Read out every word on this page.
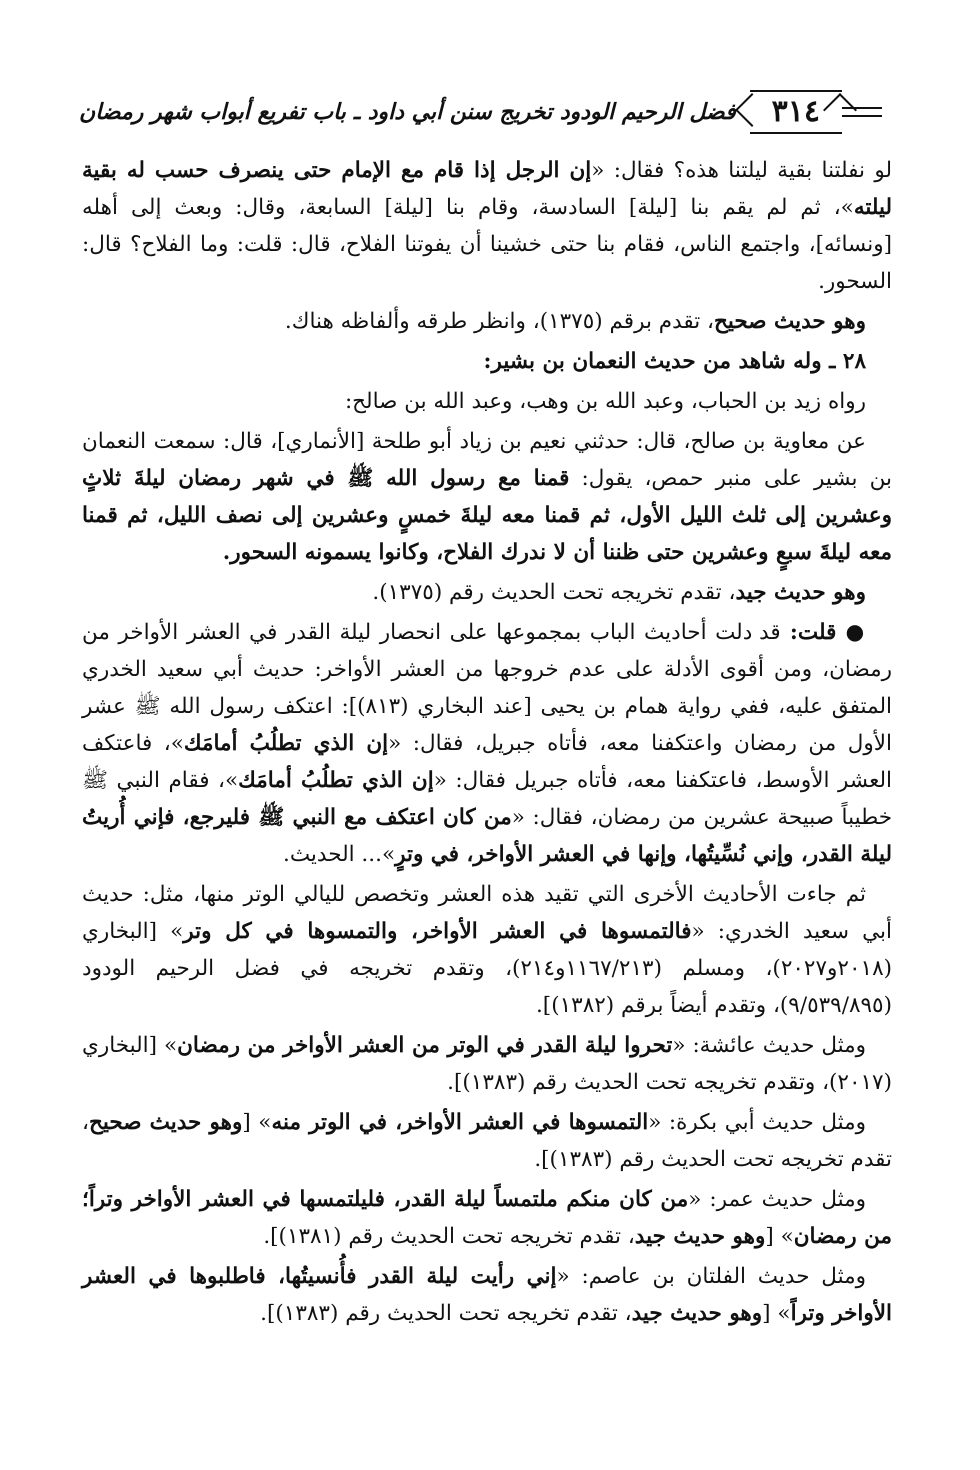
٣١٤
فضل الرحيم الودود تخريج سنن أبي داود ـ باب تفريع أبواب شهر رمضان

لو نفلتنا بقية ليلتنا هذه؟ فقال: «إن الرجل إذا قام مع الإمام حتى ينصرف حسب له بقية ليلته»، ثم لم يقم بنا [ليلة] السادسة، وقام بنا [ليلة] السابعة، وقال: وبعث إلى أهله [ونسائه]، واجتمع الناس، فقام بنا حتى خشينا أن يفوتنا الفلاح، قال: قلت: وما الفلاح؟ قال: السحور.

وهو حديث صحيح، تقدم برقم (١٣٧٥)، وانظر طرقه وألفاظه هناك.

٢٨ ـ وله شاهد من حديث النعمان بن بشير:

رواه زيد بن الحباب، وعبد الله بن وهب، وعبد الله بن صالح:

عن معاوية بن صالح، قال: حدثني نعيم بن زياد أبو طلحة [الأنماري]، قال: سمعت النعمان بن بشير على منبر حمص، يقول: قمنا مع رسول الله ﷺ في شهر رمضان ليلةَ ثلاثٍ وعشرين إلى ثلث الليل الأول، ثم قمنا معه ليلةَ خمسٍ وعشرين إلى نصف الليل، ثم قمنا معه ليلةَ سبعٍ وعشرين حتى ظننا أن لا ندرك الفلاح، وكانوا يسمونه السحور.

وهو حديث جيد، تقدم تخريجه تحت الحديث رقم (١٣٧٥).

● قلت: قد دلت أحاديث الباب بمجموعها على انحصار ليلة القدر في العشر الأواخر من رمضان، ومن أقوى الأدلة على عدم خروجها من العشر الأواخر: حديث أبي سعيد الخدري المتفق عليه، ففي رواية همام بن يحيى [عند البخاري (٨١٣)]: اعتكف رسول الله ﷺ عشر الأول من رمضان واعتكفنا معه، فأتاه جبريل، فقال: «إن الذي تطلُبُ أمامَك»، فاعتكف العشر الأوسط، فاعتكفنا معه، فأتاه جبريل فقال: «إن الذي تطلُبُ أمامَك»، فقام النبي ﷺ خطيباً صبيحة عشرين من رمضان، فقال: «من كان اعتكف مع النبي ﷺ فليرجع، فإني أُريتُ ليلة القدر، وإني نُسِّيتُها، وإنها في العشر الأواخر، في وترٍ»... الحديث.

ثم جاءت الأحاديث الأخرى التي تقيد هذه العشر وتخصص لليالي الوتر منها، مثل: حديث أبي سعيد الخدري: «فالتمسوها في العشر الأواخر، والتمسوها في كل وتر» [البخاري (٢٠١٨و٢٠٢٧)، ومسلم (١١٦٧/٢١٣و٢١٤)، وتقدم تخريجه في فضل الرحيم الودود (٩/٥٣٩/٨٩٥)، وتقدم أيضاً برقم (١٣٨٢)].

ومثل حديث عائشة: «تحروا ليلة القدر في الوتر من العشر الأواخر من رمضان» [البخاري (٢٠١٧)، وتقدم تخريجه تحت الحديث رقم (١٣٨٣)].

ومثل حديث أبي بكرة: «التمسوها في العشر الأواخر، في الوتر منه» [وهو حديث صحيح، تقدم تخريجه تحت الحديث رقم (١٣٨٣)].

ومثل حديث عمر: «من كان منكم ملتمساً ليلة القدر، فليلتمسها في العشر الأواخر وتراً؛ من رمضان» [وهو حديث جيد، تقدم تخريجه تحت الحديث رقم (١٣٨١)].

ومثل حديث الفلتان بن عاصم: «إني رأيت ليلة القدر فأُنسيتُها، فاطلبوها في العشر الأواخر وتراً» [وهو حديث جيد، تقدم تخريجه تحت الحديث رقم (١٣٨٣)].
